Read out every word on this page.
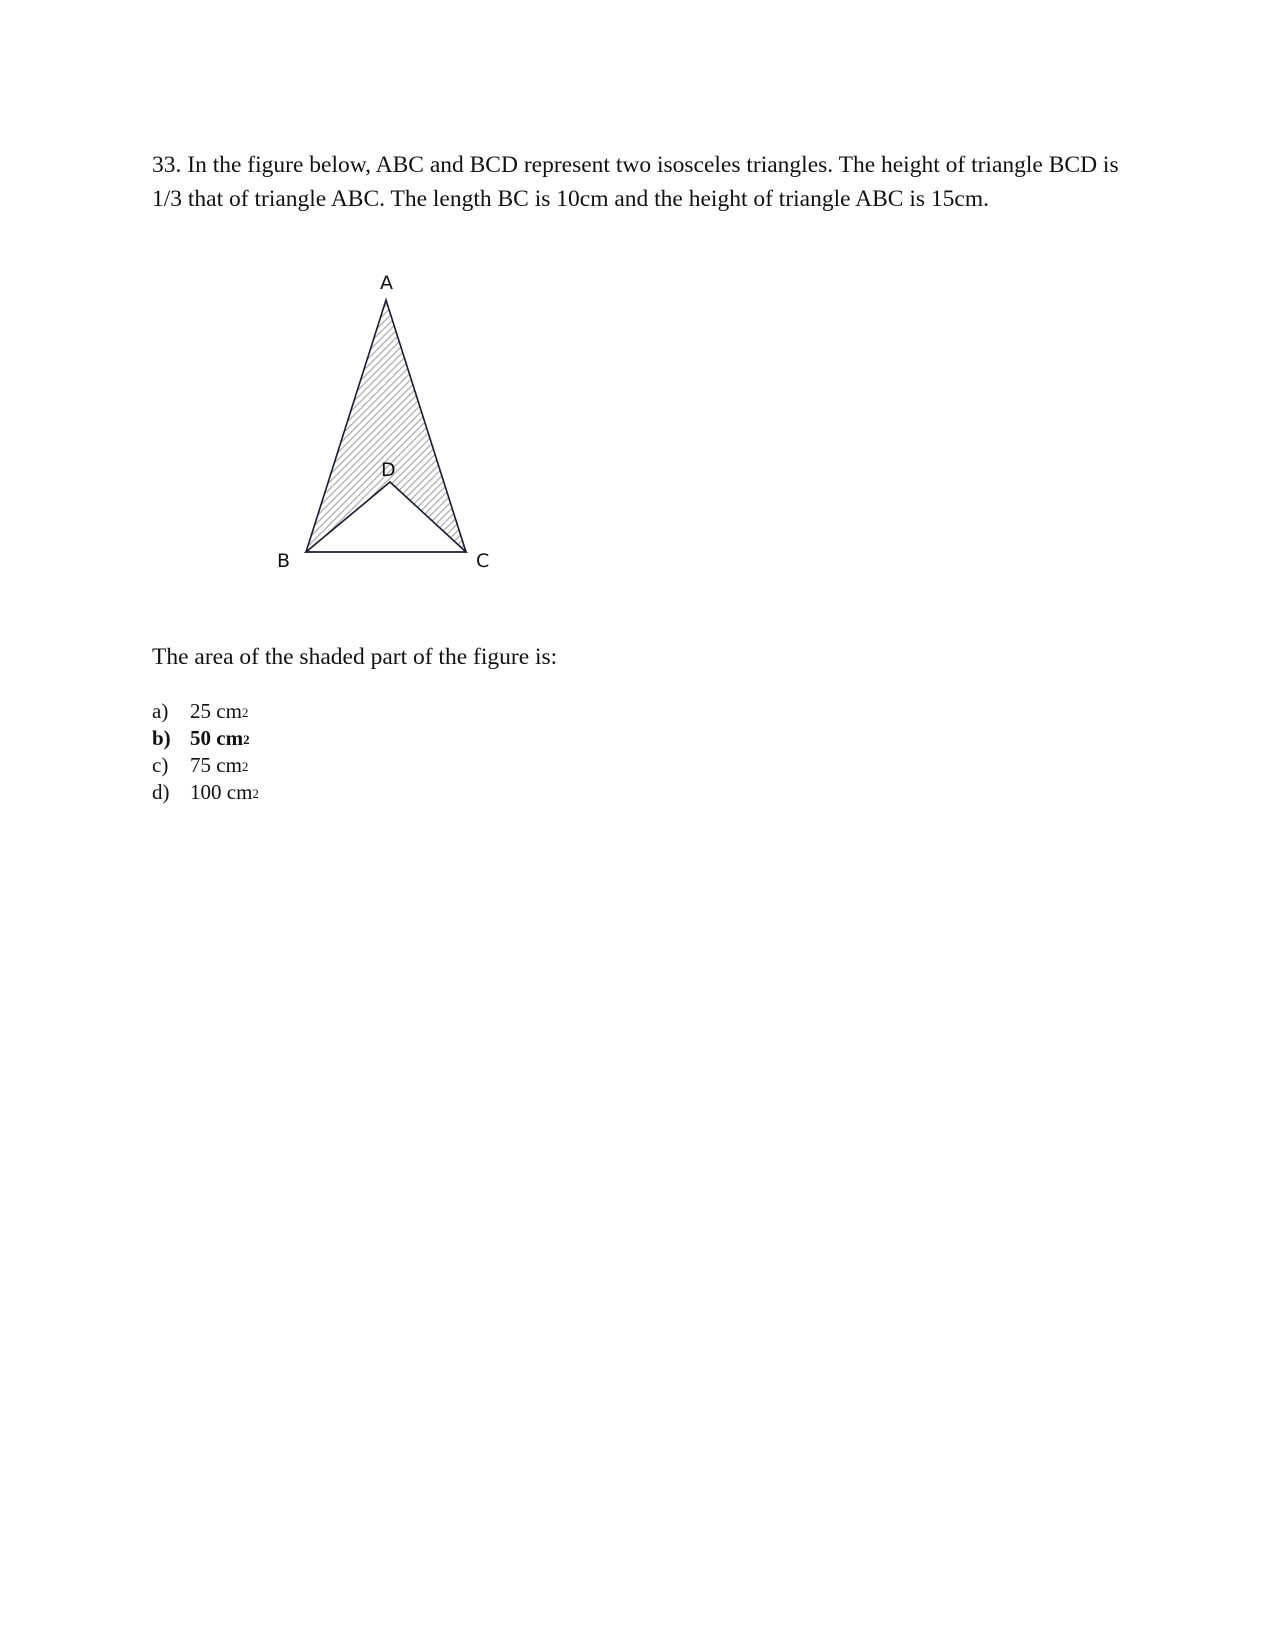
33. In the figure below, ABC and BCD represent two isosceles triangles. The height of triangle BCD is 1/3 that of triangle ABC. The length BC is 10cm and the height of triangle ABC is 15cm.

A
D
B	C

The area of the shaded part of the figure is:

a)	25 $cm^2$
b) 50 $cm^2$
c)	75 $cm^2$
d) 100 $cm^2$
